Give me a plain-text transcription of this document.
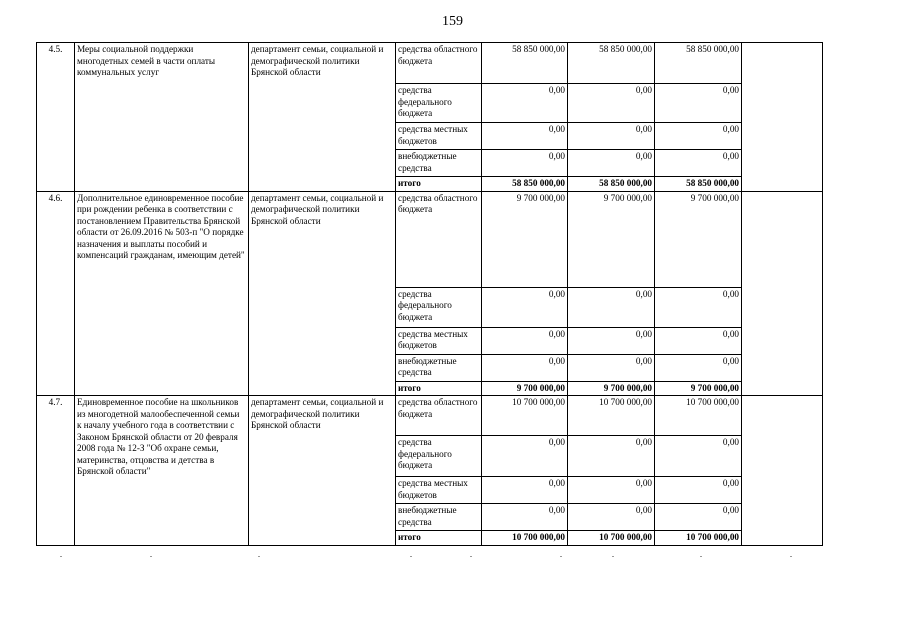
159
4.5.	Меры социальной поддержки многодетных семей в части оплаты коммунальных услуг	департамент семьи, социальной и демографической политики Брянской области	средства областного бюджета	58 850 000,00	58 850 000,00	58 850 000,00	
			средства федерального бюджета	0,00	0,00	0,00	
			средства местных бюджетов	0,00	0,00	0,00	
			внебюджетные средства	0,00	0,00	0,00	
			итого	58 850 000,00	58 850 000,00	58 850 000,00	
4.6.	Дополнительное единовременное пособие при рождении ребенка в соответствии с постановлением Правительства Брянской области от 26.09.2016 № 503-п "О порядке назначения и выплаты пособий и компенсаций гражданам, имеющим детей"	департамент семьи, социальной и демографической политики Брянской области	средства областного бюджета	9 700 000,00	9 700 000,00	9 700 000,00	
			средства федерального бюджета	0,00	0,00	0,00	
			средства местных бюджетов	0,00	0,00	0,00	
			внебюджетные средства	0,00	0,00	0,00	
			итого	9 700 000,00	9 700 000,00	9 700 000,00	
4.7.	Единовременное пособие на школьников из многодетной малообеспеченной семьи к началу учебного года в соответствии с Законом Брянской области от 20 февраля 2008 года № 12-З "Об охране семьи, материнства, отцовства и детства в Брянской области"	департамент семьи, социальной и демографической политики Брянской области	средства областного бюджета	10 700 000,00	10 700 000,00	10 700 000,00	
			средства федерального бюджета	0,00	0,00	0,00	
			средства местных бюджетов	0,00	0,00	0,00	
			внебюджетные средства	0,00	0,00	0,00	
			итого	10 700 000,00	10 700 000,00	10 700 000,00	
